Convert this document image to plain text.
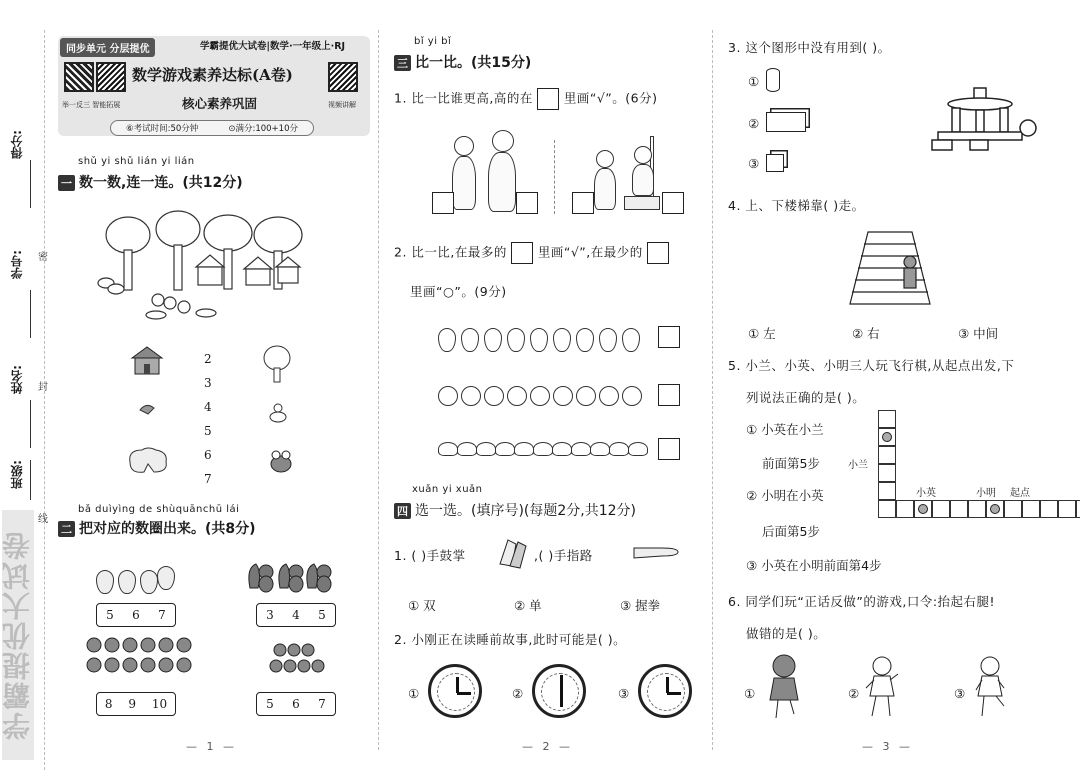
得分:
学号:
姓名:
班级:
密
封
线
学霸提优大试卷
同步单元 分层提优	学霸提优大试卷|数学·一年级上·RJ
举一反三 智能拓展
数学游戏素养达标(A卷)
核心素养巩固	视频讲解
⑥考试时间:50分钟	⊙满分:100+10分
shǔ yi shǔ lián yi lián
一 数一数,连一连。(共12分)
2
3
4
5
6
7
bǎ duìyìng de shùquānchū lái
二 把对应的数圈出来。(共8分)
5 6 7	3 4 5
8 9 10	5 6 7
bǐ yi bǐ
三 比一比。(共15分)
1. 比一比谁更高,高的在 里画“√”。(6分)
2. 比一比,在最多的 里画“√”,在最少的
里画“○”。(9分)
xuǎn yi xuǎn
四 选一选。(填序号)(每题2分,共12分)
1. ( )手鼓掌	,( )手指路
① 双	② 单	③ 握拳
2. 小刚正在读睡前故事,此时可能是( )。
①	②	③
3. 这个图形中没有用到( )。
①
②
③
4. 上、下楼梯靠( )走。
① 左	② 右	③ 中间
5. 小兰、小英、小明三人玩飞行棋,从起点出发,下
列说法正确的是( )。
① 小英在小兰
前面第5步
② 小明在小英
后面第5步
③ 小英在小明前面第4步
小兰
小英	小明 起点
6. 同学们玩“正话反做”的游戏,口令:抬起右腿!
做错的是( )。
①	②	③
— 1 —	— 2 —	— 3 —
